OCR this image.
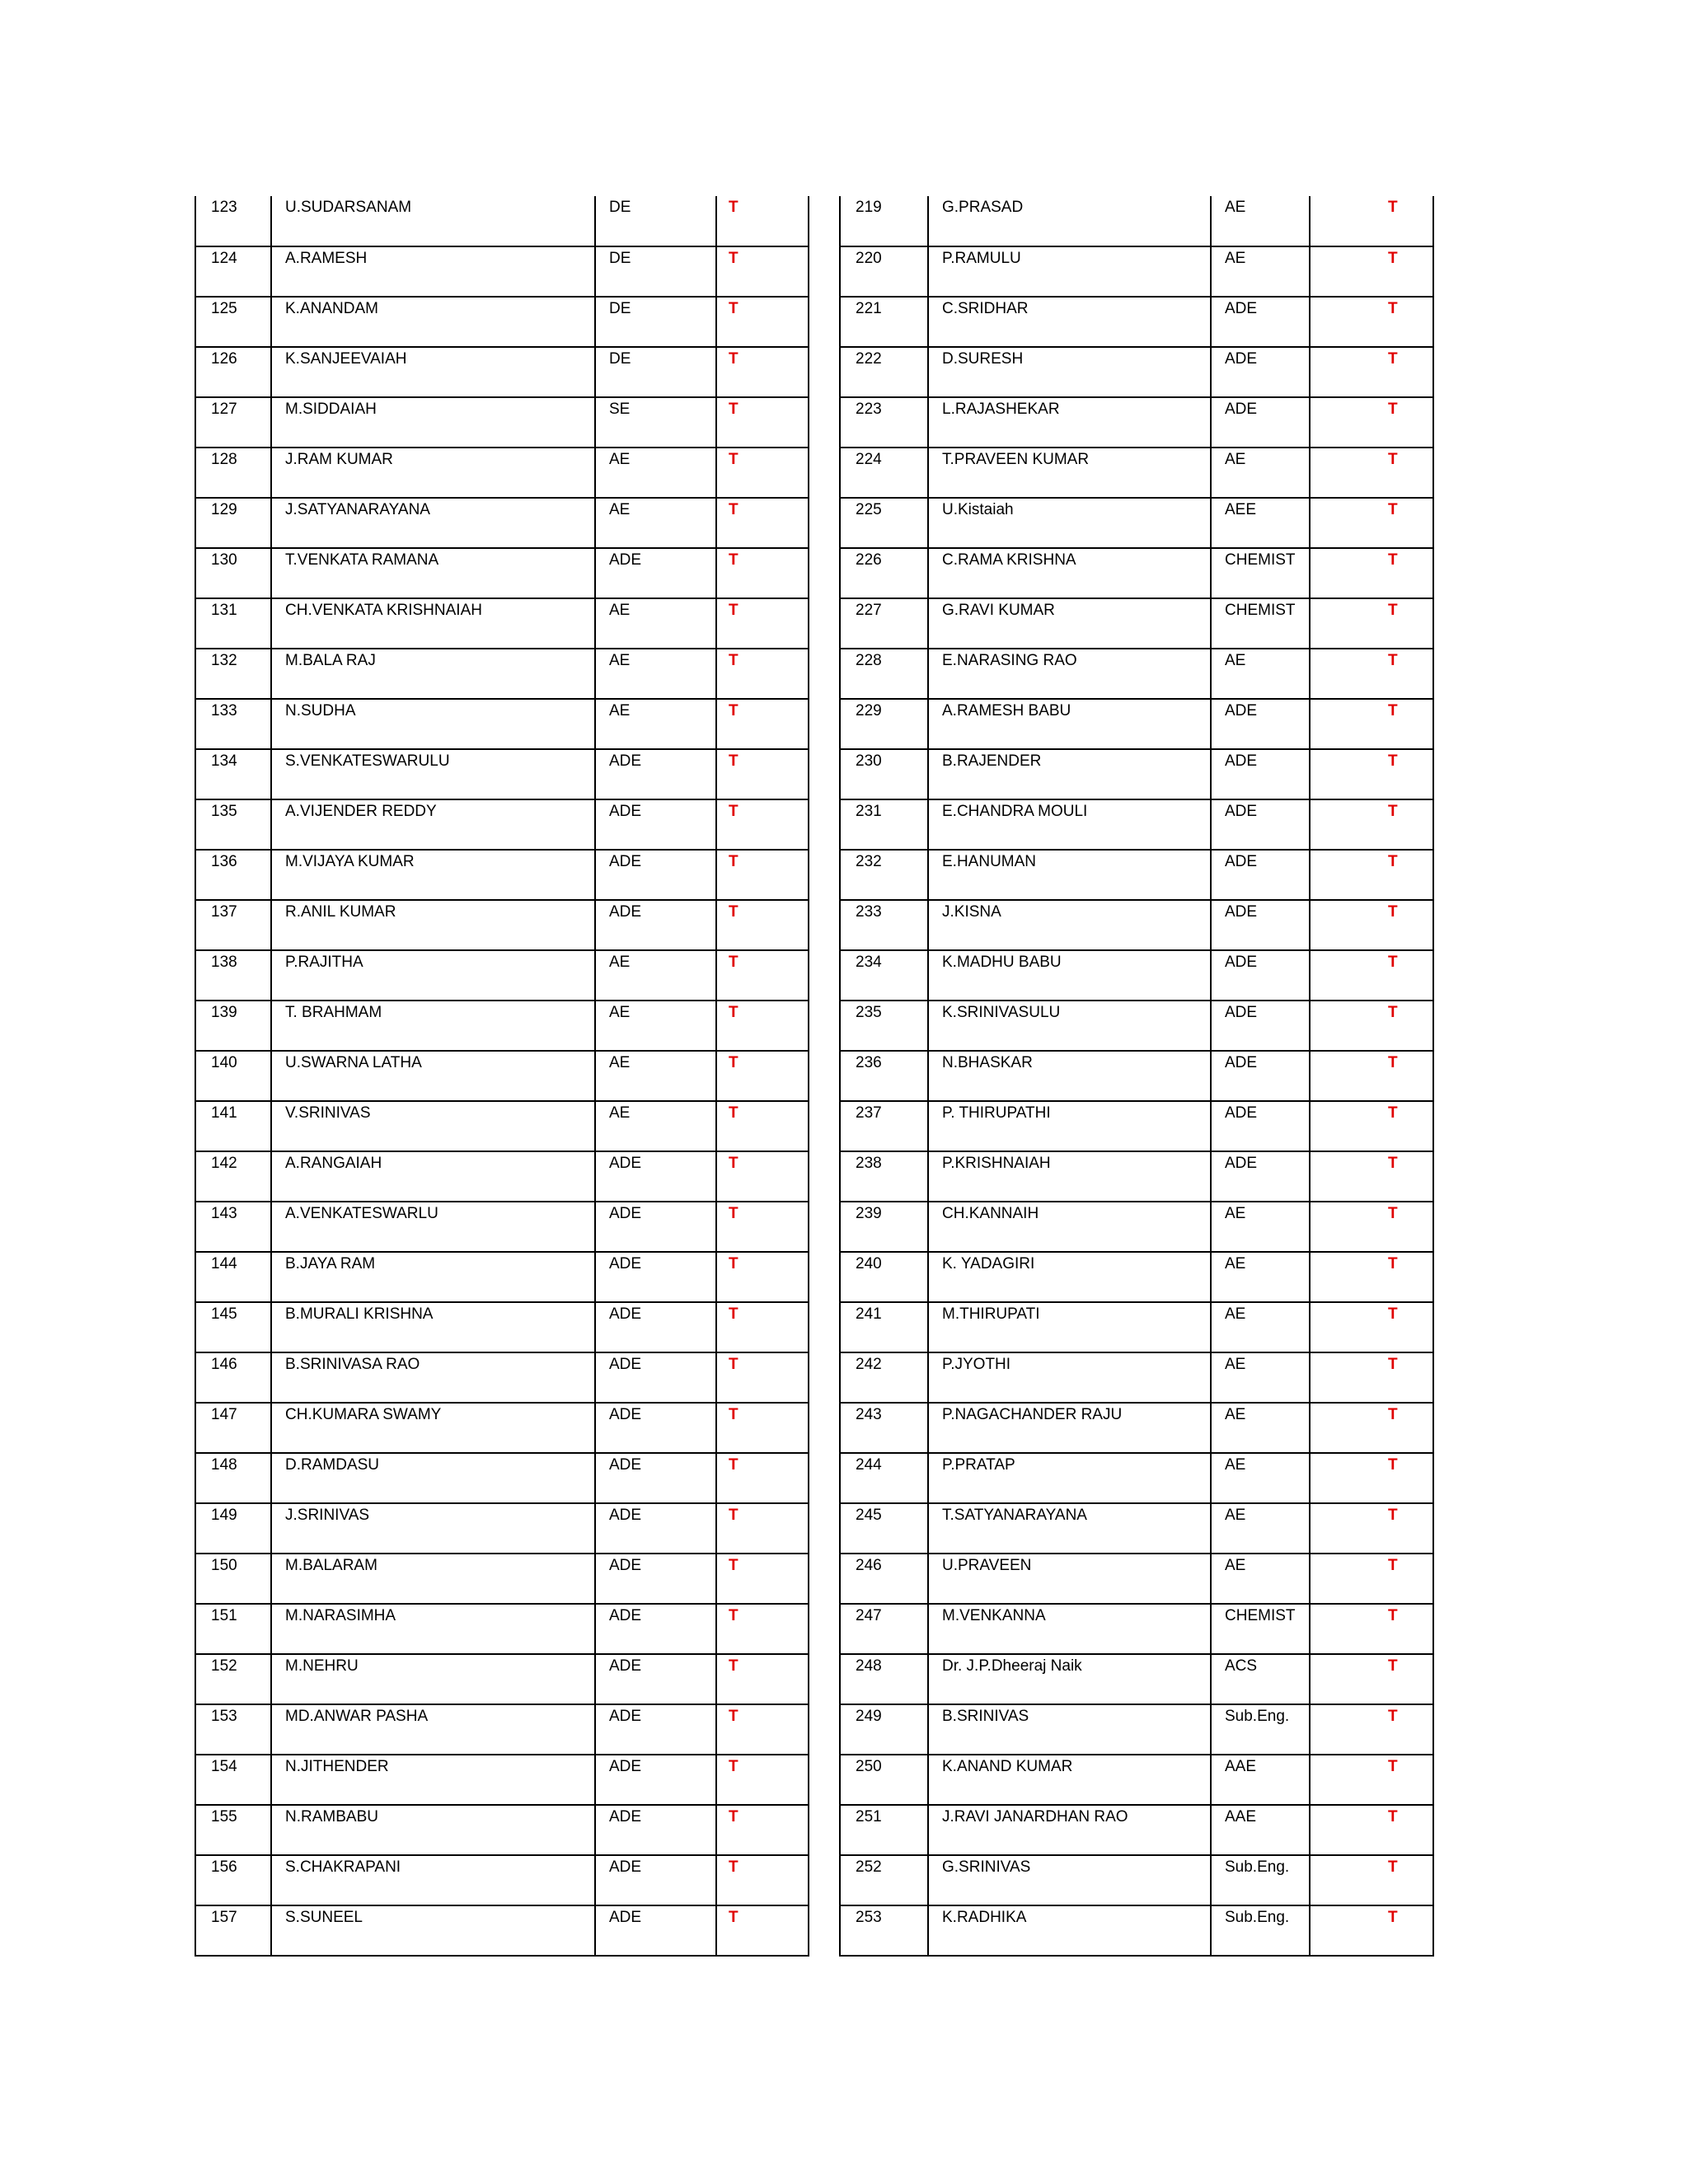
123	U.SUDARSANAM	DE	T
124	A.RAMESH	DE	T
125	K.ANANDAM	DE	T
126	K.SANJEEVAIAH	DE	T
127	M.SIDDAIAH	SE	T
128	J.RAM KUMAR	AE	T
129	J.SATYANARAYANA	AE	T
130	T.VENKATA RAMANA	ADE	T
131	CH.VENKATA KRISHNAIAH	AE	T
132	M.BALA RAJ	AE	T
133	N.SUDHA	AE	T
134	S.VENKATESWARULU	ADE	T
135	A.VIJENDER REDDY	ADE	T
136	M.VIJAYA KUMAR	ADE	T
137	R.ANIL KUMAR	ADE	T
138	P.RAJITHA	AE	T
139	T. BRAHMAM	AE	T
140	U.SWARNA LATHA	AE	T
141	V.SRINIVAS	AE	T
142	A.RANGAIAH	ADE	T
143	A.VENKATESWARLU	ADE	T
144	B.JAYA RAM	ADE	T
145	B.MURALI KRISHNA	ADE	T
146	B.SRINIVASA RAO	ADE	T
147	CH.KUMARA SWAMY	ADE	T
148	D.RAMDASU	ADE	T
149	J.SRINIVAS	ADE	T
150	M.BALARAM	ADE	T
151	M.NARASIMHA	ADE	T
152	M.NEHRU	ADE	T
153	MD.ANWAR PASHA	ADE	T
154	N.JITHENDER	ADE	T
155	N.RAMBABU	ADE	T
156	S.CHAKRAPANI	ADE	T
157	S.SUNEEL	ADE	T
219	G.PRASAD	AE	T
220	P.RAMULU	AE	T
221	C.SRIDHAR	ADE	T
222	D.SURESH	ADE	T
223	L.RAJASHEKAR	ADE	T
224	T.PRAVEEN KUMAR	AE	T
225	U.Kistaiah	AEE	T
226	C.RAMA KRISHNA	CHEMIST	T
227	G.RAVI KUMAR	CHEMIST	T
228	E.NARASING RAO	AE	T
229	A.RAMESH BABU	ADE	T
230	B.RAJENDER	ADE	T
231	E.CHANDRA MOULI	ADE	T
232	E.HANUMAN	ADE	T
233	J.KISNA	ADE	T
234	K.MADHU BABU	ADE	T
235	K.SRINIVASULU	ADE	T
236	N.BHASKAR	ADE	T
237	P. THIRUPATHI	ADE	T
238	P.KRISHNAIAH	ADE	T
239	CH.KANNAIH	AE	T
240	K. YADAGIRI	AE	T
241	M.THIRUPATI	AE	T
242	P.JYOTHI	AE	T
243	P.NAGACHANDER RAJU	AE	T
244	P.PRATAP	AE	T
245	T.SATYANARAYANA	AE	T
246	U.PRAVEEN	AE	T
247	M.VENKANNA	CHEMIST	T
248	Dr. J.P.Dheeraj Naik	ACS	T
249	B.SRINIVAS	Sub.Eng.	T
250	K.ANAND KUMAR	AAE	T
251	J.RAVI JANARDHAN RAO	AAE	T
252	G.SRINIVAS	Sub.Eng.	T
253	K.RADHIKA	Sub.Eng.	T
